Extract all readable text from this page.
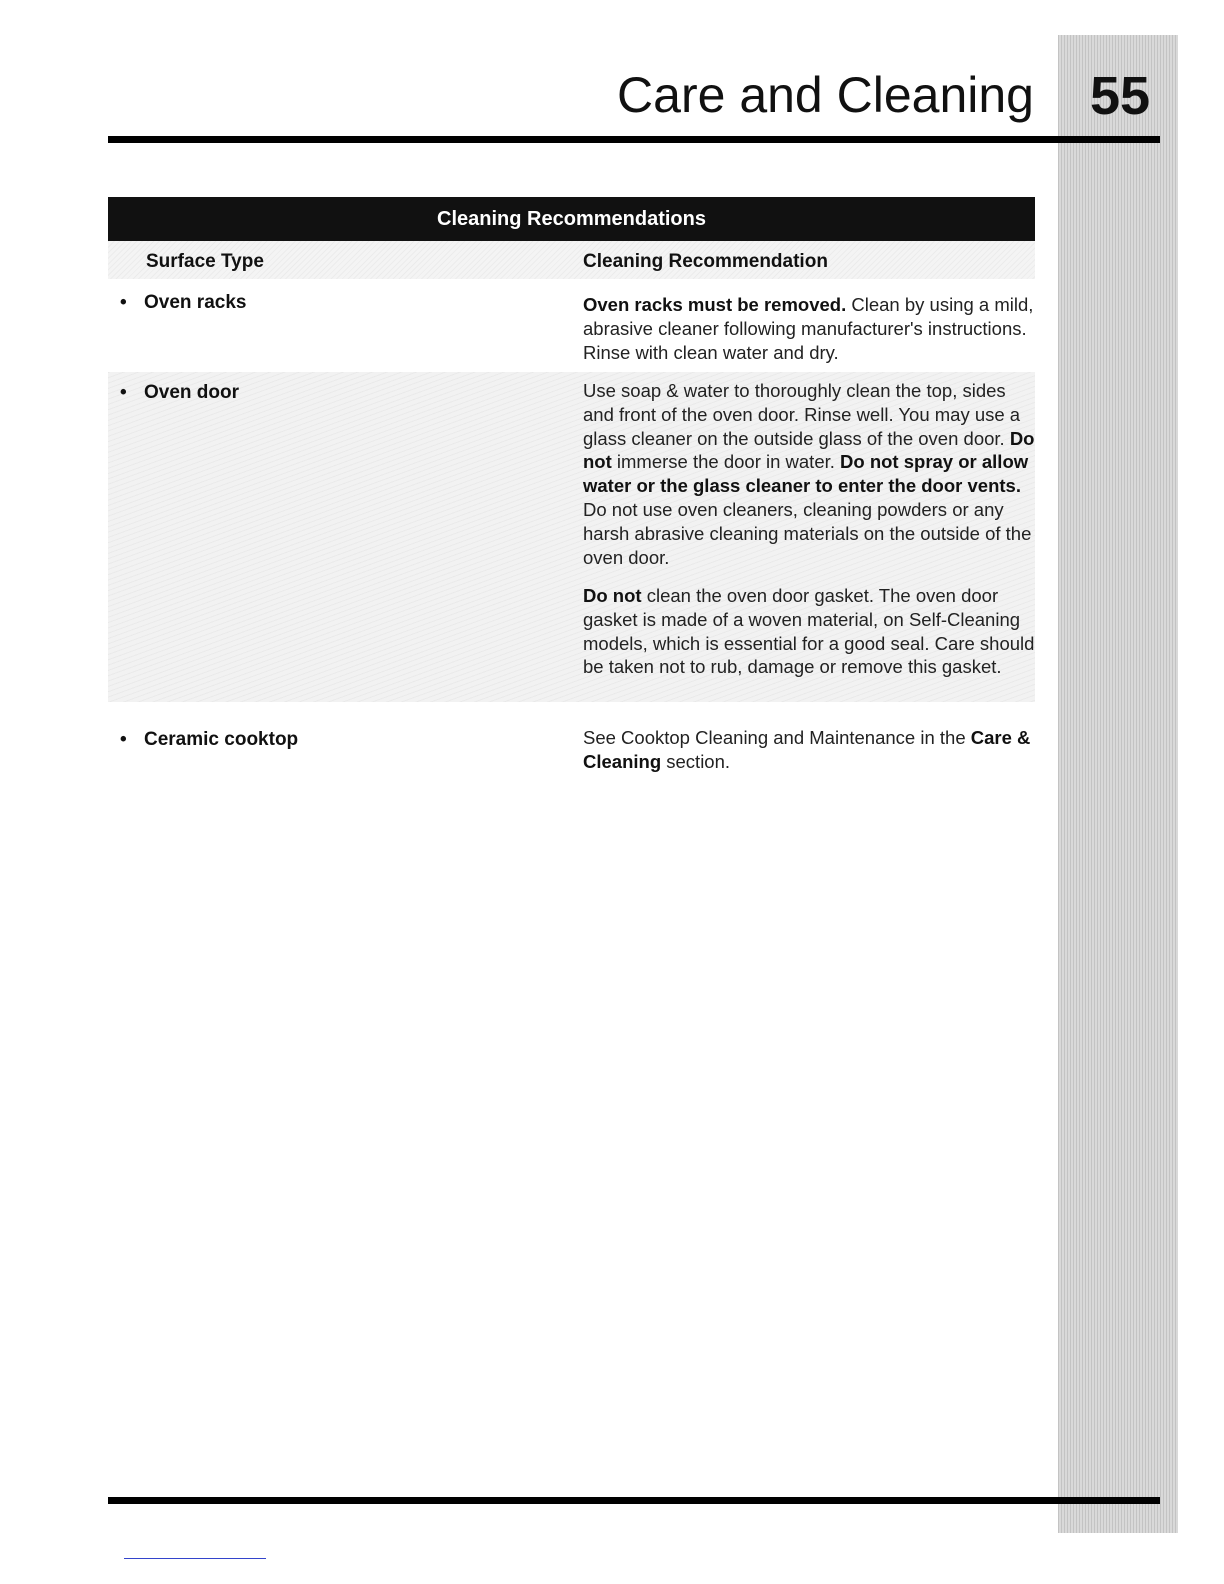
55
Care and Cleaning
Cleaning Recommendations
Surface Type	Cleaning Recommendation
• Oven racks	Oven racks must be removed. Clean by using a mild, abrasive cleaner following manufacturer's instructions. Rinse with clean water and dry.
• Oven door	Use soap & water to thoroughly clean the top, sides and front of the oven door. Rinse well. You may use a glass cleaner on the outside glass of the oven door. Do not immerse the door in water. Do not spray or allow water or the glass cleaner to enter the door vents. Do not use oven cleaners, cleaning powders or any harsh abrasive cleaning materials on the outside of the oven door.
Do not clean the oven door gasket. The oven door gasket is made of a woven material, on Self-Cleaning models, which is essential for a good seal. Care should be taken not to rub, damage or remove this gasket.
• Ceramic cooktop	See Cooktop Cleaning and Maintenance in the Care & Cleaning section.
